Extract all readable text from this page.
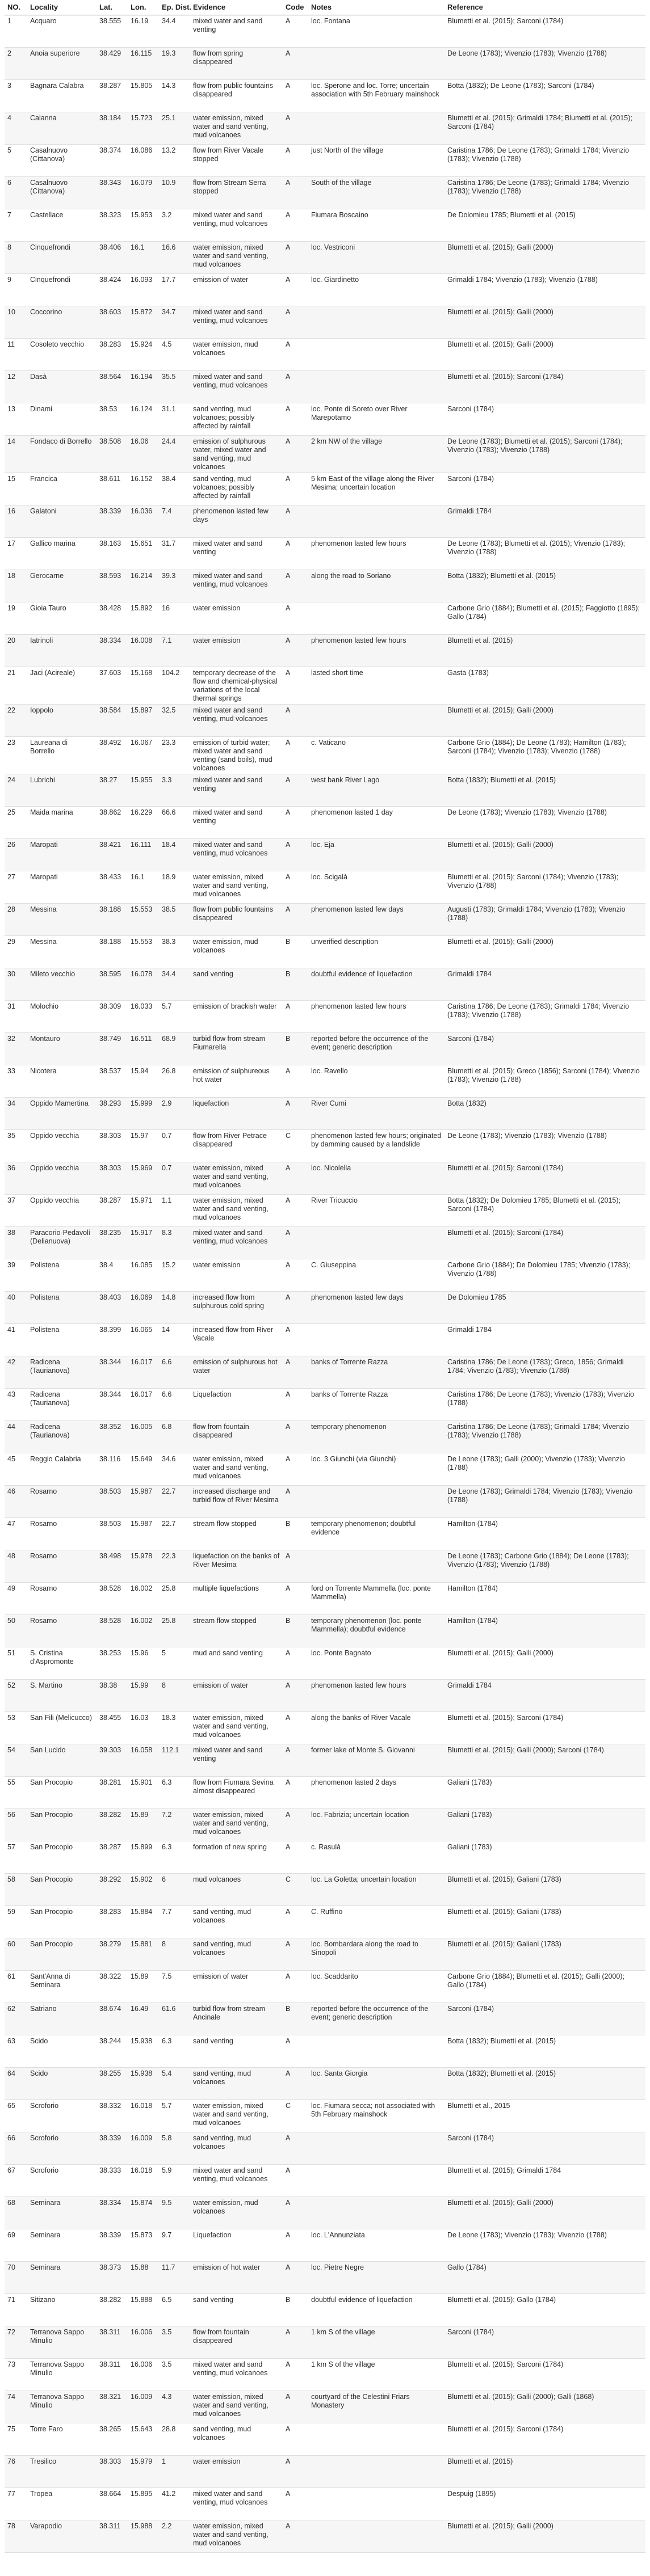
NO.	Locality	Lat.	Lon.	Ep. Dist.	Evidence	Code	Notes	Reference
1	Acquaro	38.555	16.19	34.4	mixed water and sand venting	A	loc. Fontana	Blumetti et al. (2015); Sarconi (1784)
2	Anoia superiore	38.429	16.115	19.3	flow from spring disappeared	A		De Leone (1783); Vivenzio (1783); Vivenzio (1788)
3	Bagnara Calabra	38.287	15.805	14.3	flow from public fountains disappeared	A	loc. Sperone and loc. Torre; uncertain association with 5th February mainshock	Botta (1832); De Leone (1783); Sarconi (1784)
4	Calanna	38.184	15.723	25.1	water emission, mixed water and sand venting, mud volcanoes	A		Blumetti et al. (2015); Grimaldi 1784; Blumetti et al. (2015); Sarconi (1784)
5	Casalnuovo (Cittanova)	38.374	16.086	13.2	flow from River Vacale stopped	A	just North of the village	Caristina 1786; De Leone (1783); Grimaldi 1784; Vivenzio (1783); Vivenzio (1788)
6	Casalnuovo (Cittanova)	38.343	16.079	10.9	flow from Stream Serra stopped	A	South of the village	Caristina 1786; De Leone (1783); Grimaldi 1784; Vivenzio (1783); Vivenzio (1788)
7	Castellace	38.323	15.953	3.2	mixed water and sand venting, mud volcanoes	A	Fiumara Boscaino	De Dolomieu 1785; Blumetti et al. (2015)
8	Cinquefrondi	38.406	16.1	16.6	water emission, mixed water and sand venting, mud volcanoes	A	loc. Vestriconi	Blumetti et al. (2015); Galli (2000)
9	Cinquefrondi	38.424	16.093	17.7	emission of water	A	loc. Giardinetto	Grimaldi 1784; Vivenzio (1783); Vivenzio (1788)
10	Coccorino	38.603	15.872	34.7	mixed water and sand venting, mud volcanoes	A		Blumetti et al. (2015); Galli (2000)
11	Cosoleto vecchio	38.283	15.924	4.5	water emission, mud volcanoes	A		Blumetti et al. (2015); Galli (2000)
12	Dasà	38.564	16.194	35.5	mixed water and sand venting, mud volcanoes	A		Blumetti et al. (2015); Sarconi (1784)
13	Dinami	38.53	16.124	31.1	sand venting, mud volcanoes; possibly affected by rainfall	A	loc. Ponte di Soreto over River Marepotamo	Sarconi (1784)
14	Fondaco di Borrello	38.508	16.06	24.4	emission of sulphurous water, mixed water and sand venting, mud volcanoes	A	2 km NW of the village	De Leone (1783); Blumetti et al. (2015); Sarconi (1784); Vivenzio (1783); Vivenzio (1788)
15	Francica	38.611	16.152	38.4	sand venting, mud volcanoes; possibly affected by rainfall	A	5 km East of the village along the River Mesima; uncertain location	Sarconi (1784)
16	Galatoni	38.339	16.036	7.4	phenomenon lasted few days	A		Grimaldi 1784
17	Gallico marina	38.163	15.651	31.7	mixed water and sand venting	A	phenomenon lasted few hours	De Leone (1783); Blumetti et al. (2015); Vivenzio (1783); Vivenzio (1788)
18	Gerocarne	38.593	16.214	39.3	mixed water and sand venting, mud volcanoes	A	along the road to Soriano	Botta (1832); Blumetti et al. (2015)
19	Gioia Tauro	38.428	15.892	16	water emission	A		Carbone Grio (1884); Blumetti et al. (2015); Faggiotto (1895); Gallo (1784)
20	Iatrinoli	38.334	16.008	7.1	water emission	A	phenomenon lasted few hours	Blumetti et al. (2015)
21	Jaci (Acireale)	37.603	15.168	104.2	temporary decrease of the flow and chemical-physical variations of the local thermal springs	A	lasted short time	Gasta (1783)
22	Ioppolo	38.584	15.897	32.5	mixed water and sand venting, mud volcanoes	A		Blumetti et al. (2015); Galli (2000)
23	Laureana di Borrello	38.492	16.067	23.3	emission of turbid water; mixed water and sand venting (sand boils), mud volcanoes	A	c. Vaticano	Carbone Grio (1884); De Leone (1783); Hamilton (1783); Sarconi (1784); Vivenzio (1783); Vivenzio (1788)
24	Lubrichi	38.27	15.955	3.3	mixed water and sand venting	A	west bank River Lago	Botta (1832); Blumetti et al. (2015)
25	Maida marina	38.862	16.229	66.6	mixed water and sand venting	A	phenomenon lasted 1 day	De Leone (1783); Vivenzio (1783); Vivenzio (1788)
26	Maropati	38.421	16.111	18.4	mixed water and sand venting, mud volcanoes	A	loc. Eja	Blumetti et al. (2015); Galli (2000)
27	Maropati	38.433	16.1	18.9	water emission, mixed water and sand venting, mud volcanoes	A	loc. Scigalà	Blumetti et al. (2015); Sarconi (1784); Vivenzio (1783); Vivenzio (1788)
28	Messina	38.188	15.553	38.5	flow from public fountains disappeared	A	phenomenon lasted few days	Augusti (1783); Grimaldi 1784; Vivenzio (1783); Vivenzio (1788)
29	Messina	38.188	15.553	38.3	water emission, mud volcanoes	B	unverified description	Blumetti et al. (2015); Galli (2000)
30	Mileto vecchio	38.595	16.078	34.4	sand venting	B	doubtful evidence of liquefaction	Grimaldi 1784
31	Molochio	38.309	16.033	5.7	emission of brackish water	A	phenomenon lasted few hours	Caristina 1786; De Leone (1783); Grimaldi 1784; Vivenzio (1783); Vivenzio (1788)
32	Montauro	38.749	16.511	68.9	turbid flow from stream Fiumarella	B	reported before the occurrence of the event; generic description	Sarconi (1784)
33	Nicotera	38.537	15.94	26.8	emission of sulphureous hot water	A	loc. Ravello	Blumetti et al. (2015); Greco (1856); Sarconi (1784); Vivenzio (1783); Vivenzio (1788)
34	Oppido Mamertina	38.293	15.999	2.9	liquefaction	A	River Cumi	Botta (1832)
35	Oppido vecchia	38.303	15.97	0.7	flow from River Petrace disappeared	C	phenomenon lasted few hours; originated by damming caused by a landslide	De Leone (1783); Vivenzio (1783); Vivenzio (1788)
36	Oppido vecchia	38.303	15.969	0.7	water emission, mixed water and sand venting, mud volcanoes	A	loc. Nicolella	Blumetti et al. (2015); Sarconi (1784)
37	Oppido vecchia	38.287	15.971	1.1	water emission, mixed water and sand venting, mud volcanoes	A	River Tricuccio	Botta (1832); De Dolomieu 1785; Blumetti et al. (2015); Sarconi (1784)
38	Paracorio-Pedavoli (Delianuova)	38.235	15.917	8.3	mixed water and sand venting, mud volcanoes	A		Blumetti et al. (2015); Sarconi (1784)
39	Polistena	38.4	16.085	15.2	water emission	A	C. Giuseppina	Carbone Grio (1884); De Dolomieu 1785; Vivenzio (1783); Vivenzio (1788)
40	Polistena	38.403	16.069	14.8	increased flow from sulphurous cold spring	A	phenomenon lasted few days	De Dolomieu 1785
41	Polistena	38.399	16.065	14	increased flow from River Vacale	A		Grimaldi 1784
42	Radicena (Taurianova)	38.344	16.017	6.6	emission of sulphurous hot water	A	banks of Torrente Razza	Caristina 1786; De Leone (1783); Greco, 1856; Grimaldi 1784; Vivenzio (1783); Vivenzio (1788)
43	Radicena (Taurianova)	38.344	16.017	6.6	Liquefaction	A	banks of Torrente Razza	Caristina 1786; De Leone (1783); Vivenzio (1783); Vivenzio (1788)
44	Radicena (Taurianova)	38.352	16.005	6.8	flow from fountain disappeared	A	temporary phenomenon	Caristina 1786; De Leone (1783); Grimaldi 1784; Vivenzio (1783); Vivenzio (1788)
45	Reggio Calabria	38.116	15.649	34.6	water emission, mixed water and sand venting, mud volcanoes	A	loc. 3 Giunchi (via Giunchi)	De Leone (1783); Galli (2000); Vivenzio (1783); Vivenzio (1788)
46	Rosarno	38.503	15.987	22.7	increased discharge and turbid flow of River Mesima	A		De Leone (1783); Grimaldi 1784; Vivenzio (1783); Vivenzio (1788)
47	Rosarno	38.503	15.987	22.7	stream flow stopped	B	temporary phenomenon; doubtful evidence	Hamilton (1784)
48	Rosarno	38.498	15.978	22.3	liquefaction on the banks of River Mesima	A		De Leone (1783); Carbone Grio (1884); De Leone (1783); Vivenzio (1783); Vivenzio (1788)
49	Rosarno	38.528	16.002	25.8	multiple liquefactions	A	ford on Torrente Mammella (loc. ponte Mammella)	Hamilton (1784)
50	Rosarno	38.528	16.002	25.8	stream flow stopped	B	temporary phenomenon (loc. ponte Mammella); doubtful evidence	Hamilton (1784)
51	S. Cristina d'Aspromonte	38.253	15.96	5	mud and sand venting	A	loc. Ponte Bagnato	Blumetti et al. (2015); Galli (2000)
52	S. Martino	38.38	15.99	8	emission of water	A	phenomenon lasted few hours	Grimaldi 1784
53	San Fili (Melicucco)	38.455	16.03	18.3	water emission, mixed water and sand venting, mud volcanoes	A	along the banks of River Vacale	Blumetti et al. (2015); Sarconi (1784)
54	San Lucido	39.303	16.058	112.1	mixed water and sand venting	A	former lake of Monte S. Giovanni	Blumetti et al. (2015); Galli (2000); Sarconi (1784)
55	San Procopio	38.281	15.901	6.3	flow from Fiumara Sevina almost disappeared	A	phenomenon lasted 2 days	Galiani (1783)
56	San Procopio	38.282	15.89	7.2	water emission, mixed water and sand venting, mud volcanoes	A	loc. Fabrizia; uncertain location	Galiani (1783)
57	San Procopio	38.287	15.899	6.3	formation of new spring	A	c. Rasulà	Galiani (1783)
58	San Procopio	38.292	15.902	6	mud volcanoes	C	loc. La Goletta; uncertain location	Blumetti et al. (2015); Galiani (1783)
59	San Procopio	38.283	15.884	7.7	sand venting, mud volcanoes	A	C. Ruffino	Blumetti et al. (2015); Galiani (1783)
60	San Procopio	38.279	15.881	8	sand venting, mud volcanoes	A	loc. Bombardara along the road to Sinopoli	Blumetti et al. (2015); Galiani (1783)
61	Sant'Anna di Seminara	38.322	15.89	7.5	emission of water	A	loc. Scaddarito	Carbone Grio (1884); Blumetti et al. (2015); Galli (2000); Gallo (1784)
62	Satriano	38.674	16.49	61.6	turbid flow from stream Ancinale	B	reported before the occurrence of the event; generic description	Sarconi (1784)
63	Scido	38.244	15.938	6.3	sand venting	A		Botta (1832); Blumetti et al. (2015)
64	Scido	38.255	15.938	5.4	sand venting, mud volcanoes	A	loc. Santa Giorgia	Botta (1832); Blumetti et al. (2015)
65	Scroforio	38.332	16.018	5.7	water emission, mixed water and sand venting, mud volcanoes	C	loc. Fiumara secca; not associated with 5th February mainshock	Blumetti et al., 2015
66	Scroforio	38.339	16.009	5.8	sand venting, mud volcanoes	A		Sarconi (1784)
67	Scroforio	38.333	16.018	5.9	mixed water and sand venting, mud volcanoes	A		Blumetti et al. (2015); Grimaldi 1784
68	Seminara	38.334	15.874	9.5	water emission, mud volcanoes	A		Blumetti et al. (2015); Galli (2000)
69	Seminara	38.339	15.873	9.7	Liquefaction	A	loc. L'Annunziata	De Leone (1783); Vivenzio (1783); Vivenzio (1788)
70	Seminara	38.373	15.88	11.7	emission of hot water	A	loc. Pietre Negre	Gallo (1784)
71	Sitizano	38.282	15.888	6.5	sand venting	B	doubtful evidence of liquefaction	Blumetti et al. (2015); Gallo (1784)
72	Terranova Sappo Minulio	38.311	16.006	3.5	flow from fountain disappeared	A	1 km S of the village	Sarconi (1784)
73	Terranova Sappo Minulio	38.311	16.006	3.5	mixed water and sand venting, mud volcanoes	A	1 km S of the village	Blumetti et al. (2015); Sarconi (1784)
74	Terranova Sappo Minulio	38.321	16.009	4.3	water emission, mixed water and sand venting, mud volcanoes	A	courtyard of the Celestini Friars Monastery	Blumetti et al. (2015); Galli (2000); Galli (1868)
75	Torre Faro	38.265	15.643	28.8	sand venting, mud volcanoes	A		Blumetti et al. (2015); Sarconi (1784)
76	Tresilico	38.303	15.979	1	water emission	A		Blumetti et al. (2015)
77	Tropea	38.664	15.895	41.2	mixed water and sand venting, mud volcanoes	A		Despuig (1895)
78	Varapodio	38.311	15.988	2.2	water emission, mixed water and sand venting, mud volcanoes	A		Blumetti et al. (2015); Galli (2000)
